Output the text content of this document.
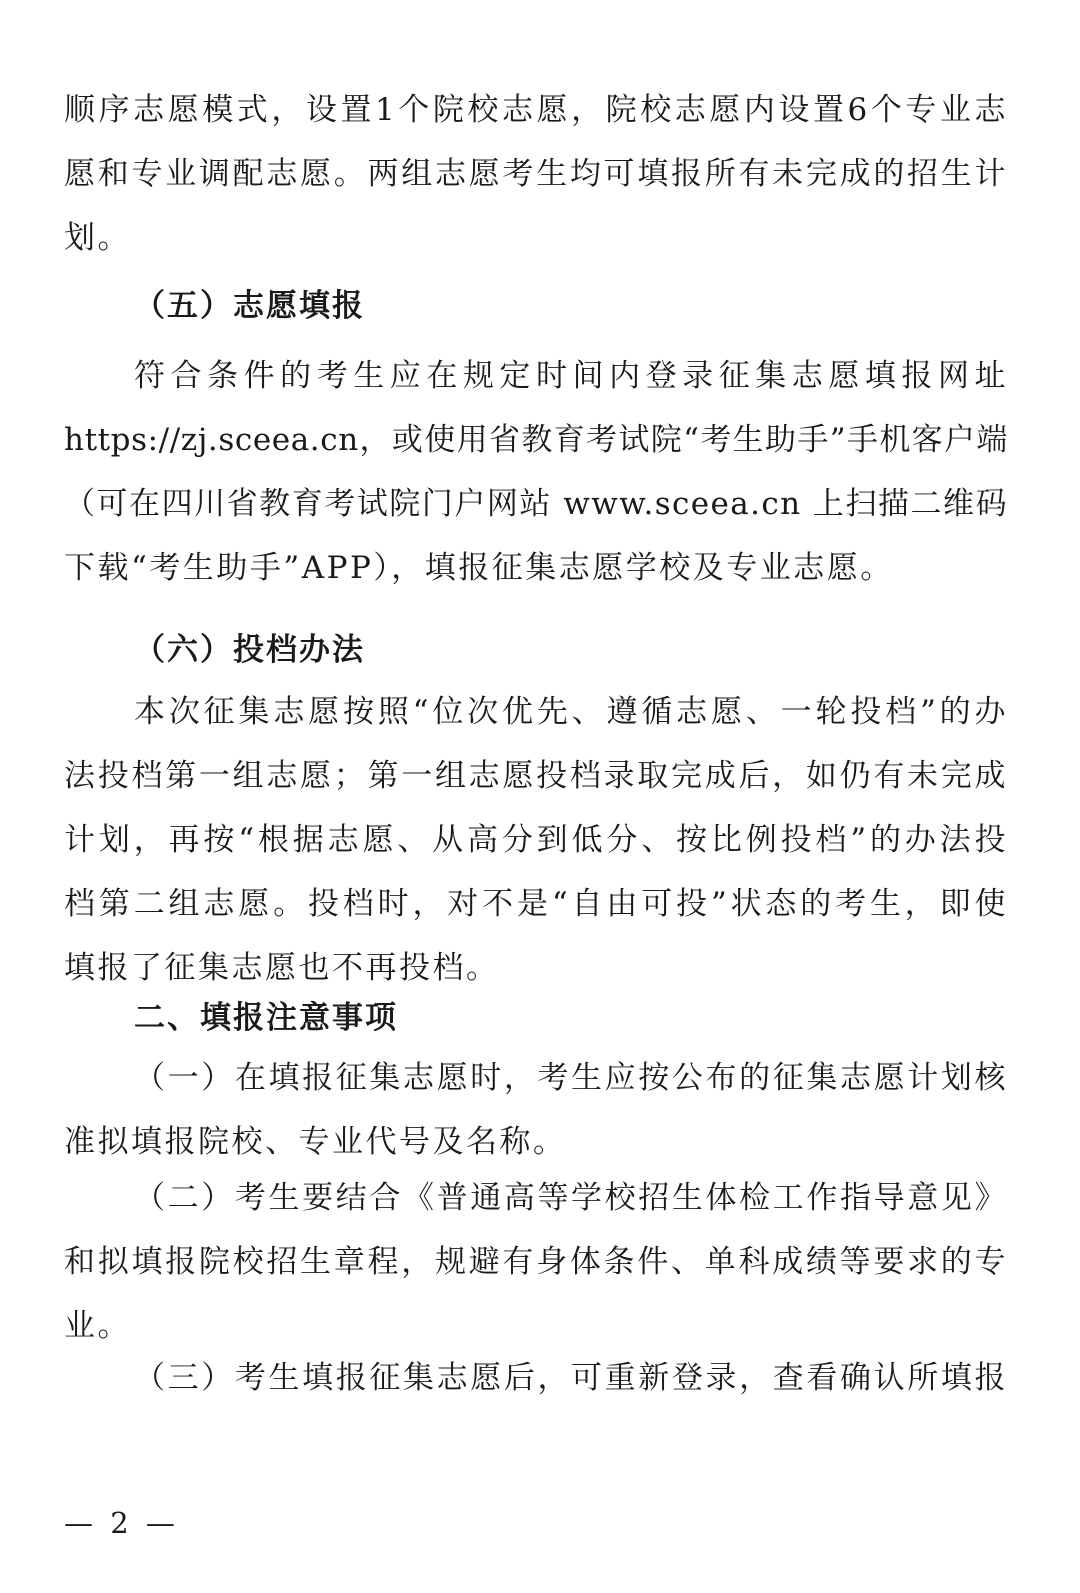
顺序志愿模式，设置1个院校志愿，院校志愿内设置6个专业志
愿和专业调配志愿。两组志愿考生均可填报所有未完成的招生计
划。
（五）志愿填报
符合条件的考生应在规定时间内登录征集志愿填报网址
https://zj.sceea.cn，或使用省教育考试院“考生助手”手机客户端
（可在四川省教育考试院门户网站 www.sceea.cn 上扫描二维码
下载“考生助手”APP），填报征集志愿学校及专业志愿。
（六）投档办法
本次征集志愿按照“位次优先、遵循志愿、一轮投档”的办
法投档第一组志愿；第一组志愿投档录取完成后，如仍有未完成
计划，再按“根据志愿、从高分到低分、按比例投档”的办法投
档第二组志愿。投档时，对不是“自由可投”状态的考生，即使
填报了征集志愿也不再投档。
二、填报注意事项
（一）在填报征集志愿时，考生应按公布的征集志愿计划核
准拟填报院校、专业代号及名称。
（二）考生要结合《普通高等学校招生体检工作指导意见》
和拟填报院校招生章程，规避有身体条件、单科成绩等要求的专
业。
（三）考生填报征集志愿后，可重新登录，查看确认所填报
— 2 —
